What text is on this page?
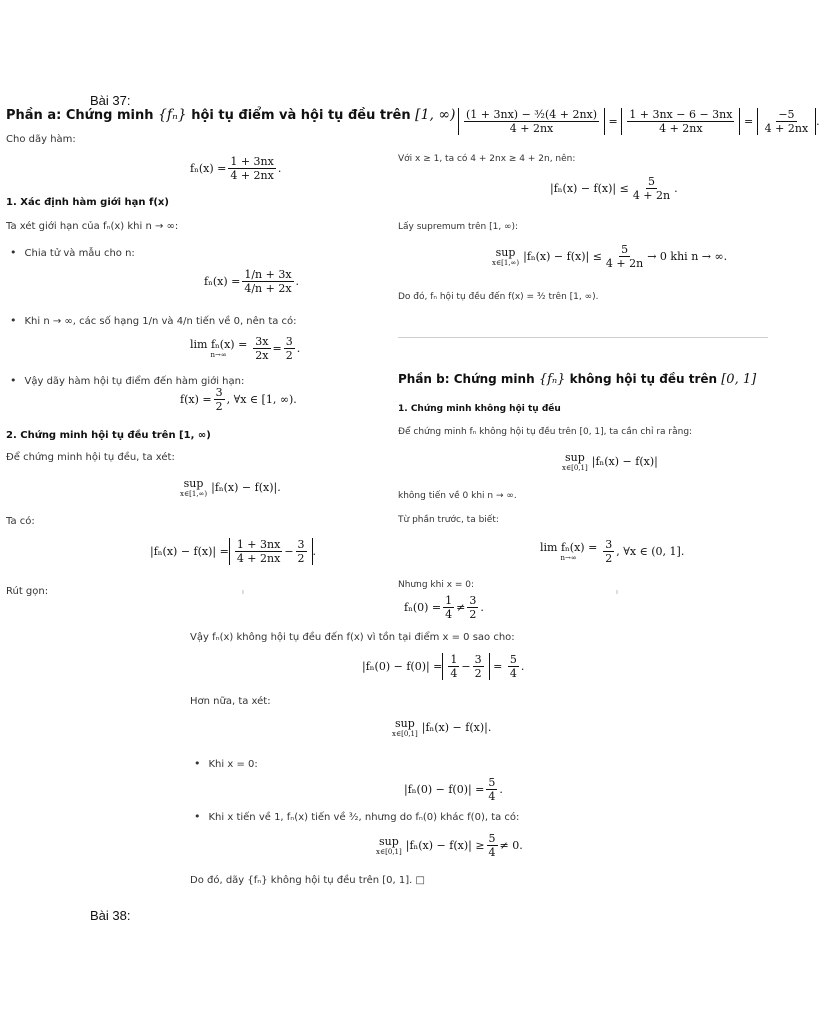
Bài 37:
Phần a: Chứng minh {fₙ} hội tụ điểm và hội tụ đều trên [1, ∞)
Cho dãy hàm:
$f_n(x) = \frac{1 + 3nx}{4 + 2nx}$ .
1. Xác định hàm giới hạn f(x)
Ta xét giới hạn của fₙ(x) khi n → ∞:
• Chia tử và mẫu cho n:
$f_n(x) = \frac{1/n + 3x}{4/n + 2x}$ .
• Khi n → ∞, các số hạng 1/n và 4/n tiến về 0, nên ta có:
lim fₙ(x) =
$n\to\infty \frac{3x}{2x} = \frac{3}{2}$ .
• Vậy dãy hàm hội tụ điểm đến hàm giới hạn:
$f(x) = \frac{3}{2}$ , ∀x ∈ [1, ∞).
2. Chứng minh hội tụ đều trên [1, ∞)
Để chứng minh hội tụ đều, ta xét:
sup
x∈[1,∞) |fₙ(x) − f(x)|.
Ta có:
$|f_n(x) - f(x)| = \frac{1 + 3nx}{4 + 2nx} - \frac{3}{2}$ .
Rút gọn:	ı
$\frac{\text{(1 + 3nx) − ³⁄₂(4 + 2nx)}}{4 + 2nx} = \frac{1 + 3nx - 6 - 3nx}{4 + 2nx} = \frac{-5}{4 + 2nx}$ .
Với x ≥ 1, ta có 4 + 2nx ≥ 4 + 2n, nên:
$|f_n(x) - f(x)| \le \frac{5}{4 + 2n}$ .
Lấy supremum trên [1, ∞):
sup
x∈[1,∞) $|f_n(x) - f(x)| \le \frac{5}{4 + 2n} \to 0$ khi n → ∞.
Do đó, fₙ hội tụ đều đến f(x) = ³⁄₂ trên [1, ∞).
Phần b: Chứng minh {fₙ} không hội tụ đều trên [0, 1]
1. Chứng minh không hội tụ đều
Để chứng minh fₙ không hội tụ đều trên [0, 1], ta cần chỉ ra rằng:
sup
x∈[0,1] |fₙ(x) − f(x)|
không tiến về 0 khi n → ∞.
Từ phần trước, ta biết:
lim fₙ(x) =
$n\to\infty \frac{3}{2}$ , ∀x ∈ (0, 1].
Nhưng khi x = 0:
ı
$f_n(0) = \frac{1}{4} \ne \frac{3}{2}$ .
Vậy fₙ(x) không hội tụ đều đến f(x) vì tồn tại điểm x = 0 sao cho:
$|f_n(0) - f(0)| = \frac{1}{4} - \frac{3}{2} = \frac{5}{4}$ .
Hơn nữa, ta xét:
sup
x∈[0,1] |fₙ(x) − f(x)|.
• Khi x = 0:
$|f_n(0) - f(0)| = \frac{5}{4}$ .
• Khi x tiến về 1, fₙ(x) tiến về ³⁄₂, nhưng do fₙ(0) khác f(0), ta có:
sup
x∈[0,1] $|f_n(x) - f(x)| \ge \frac{5}{4} \ne 0$.
Do đó, dãy {fₙ} không hội tụ đều trên [0, 1]. □
Bài 38:
